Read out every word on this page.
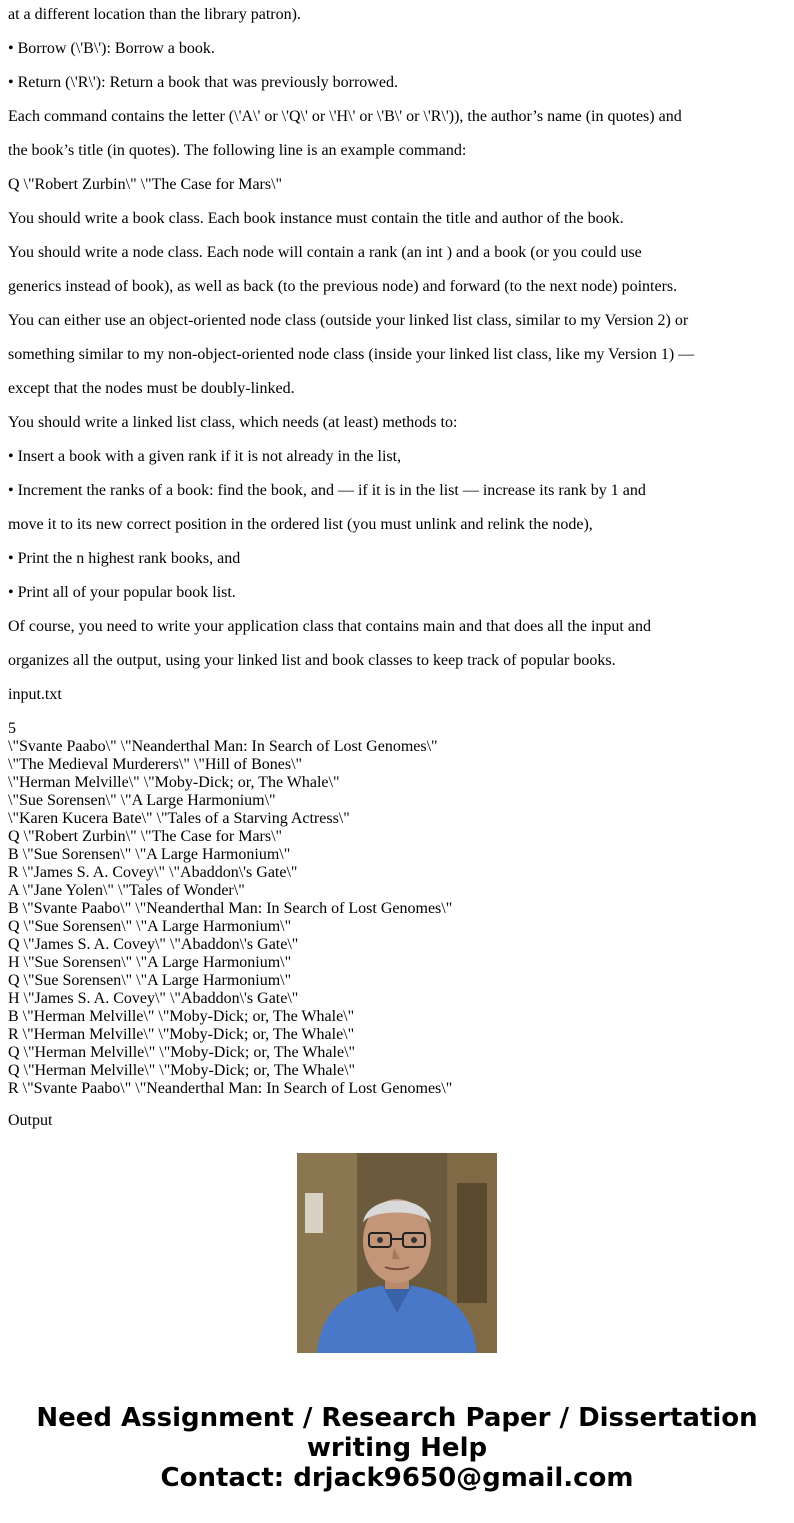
at a different location than the library patron).

• Borrow (\'B\'): Borrow a book.

• Return (\'R\'): Return a book that was previously borrowed.

Each command contains the letter (\'A\' or \'Q\' or \'H\' or \'B\' or \'R\')), the author’s name (in quotes) and

the book’s title (in quotes). The following line is an example command:

Q \"Robert Zurbin\" \"The Case for Mars\"

You should write a book class. Each book instance must contain the title and author of the book.

You should write a node class. Each node will contain a rank (an int ) and a book (or you could use

generics instead of book), as well as back (to the previous node) and forward (to the next node) pointers.

You can either use an object-oriented node class (outside your linked list class, similar to my Version 2) or

something similar to my non-object-oriented node class (inside your linked list class, like my Version 1) —

except that the nodes must be doubly-linked.

You should write a linked list class, which needs (at least) methods to:

• Insert a book with a given rank if it is not already in the list,

• Increment the ranks of a book: find the book, and — if it is in the list — increase its rank by 1 and

move it to its new correct position in the ordered list (you must unlink and relink the node),

• Print the n highest rank books, and

• Print all of your popular book list.

Of course, you need to write your application class that contains main and that does all the input and

organizes all the output, using your linked list and book classes to keep track of popular books.

input.txt

5

\"Svante Paabo\" \"Neanderthal Man: In Search of Lost Genomes\"

\"The Medieval Murderers\" \"Hill of Bones\"

\"Herman Melville\" \"Moby-Dick; or, The Whale\"

\"Sue Sorensen\" \"A Large Harmonium\"

\"Karen Kucera Bate\" \"Tales of a Starving Actress\"

Q \"Robert Zurbin\" \"The Case for Mars\"

B \"Sue Sorensen\" \"A Large Harmonium\"

R \"James S. A. Covey\" \"Abaddon\'s Gate\"

A \"Jane Yolen\" \"Tales of Wonder\"

B \"Svante Paabo\" \"Neanderthal Man: In Search of Lost Genomes\"

Q \"Sue Sorensen\" \"A Large Harmonium\"

Q \"James S. A. Covey\" \"Abaddon\'s Gate\"

H \"Sue Sorensen\" \"A Large Harmonium\"

Q \"Sue Sorensen\" \"A Large Harmonium\"

H \"James S. A. Covey\" \"Abaddon\'s Gate\"

B \"Herman Melville\" \"Moby-Dick; or, The Whale\"

R \"Herman Melville\" \"Moby-Dick; or, The Whale\"

Q \"Herman Melville\" \"Moby-Dick; or, The Whale\"

Q \"Herman Melville\" \"Moby-Dick; or, The Whale\"

R \"Svante Paabo\" \"Neanderthal Man: In Search of Lost Genomes\"

Output

Need Assignment / Research Paper / Dissertation
writing Help
Contact: drjack9650@gmail.com
